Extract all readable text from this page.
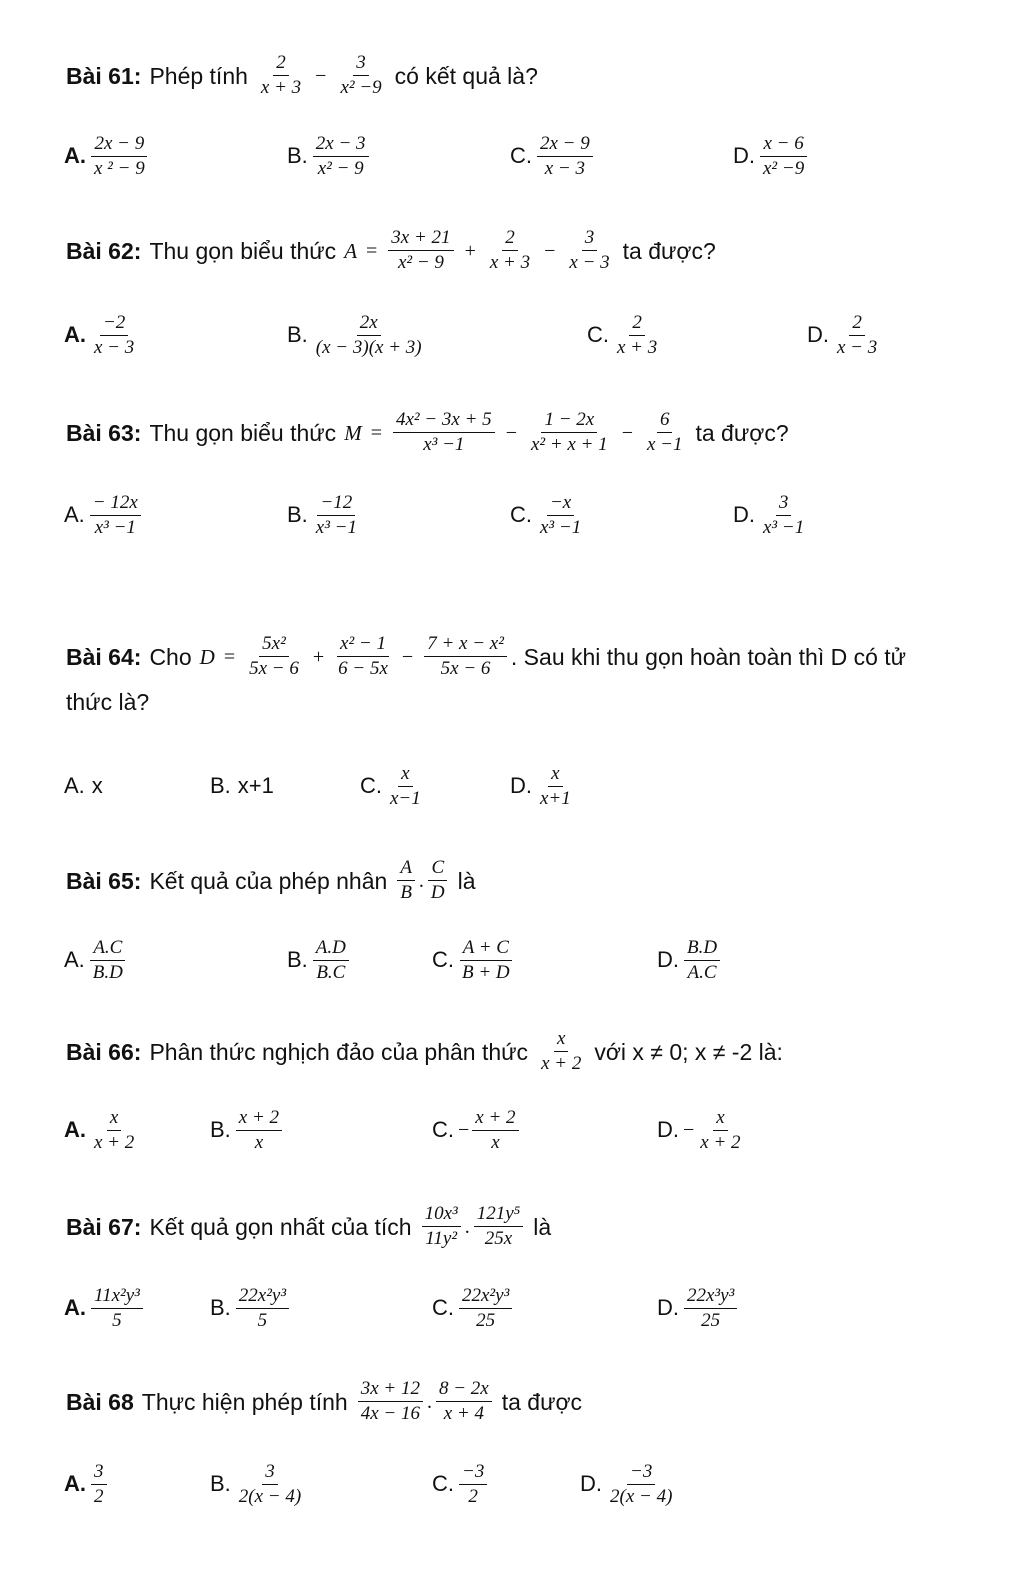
Bài 61: Phép tính $\frac{2}{x + 3} - \frac{3}{\text{x² −9}}$ có kết quả là?
A. $\frac{2x - 9}{\text{x ² − 9}}$	B. $\frac{2x - 3}{\text{x² − 9}}$	C. $\frac{2x - 9}{x - 3}$	D. $\frac{x - 6}{\text{x² −9}}$
Bài 62: Thu gọn biểu thức $A = \frac{3x + 21}{\text{x² − 9}} + \frac{2}{x + 3} - \frac{3}{x - 3}$ ta được?
A. $\frac{-2}{x - 3}$	B. $\frac{2x}{(x - 3)(x + 3)}$	C. $\frac{2}{x + 3}$	D. $\frac{2}{x - 3}$
Bài 63: Thu gọn biểu thức $M = \frac{\text{4x² − 3x + 5}}{\text{x³ −1}} - \frac{1 - 2x}{\text{x² + x + 1}} - \frac{6}{x -1}$ ta được?
A. $\frac{- 12x}{\text{x³ −1}}$	B. $\frac{-12}{\text{x³ −1}}$	C. $\frac{-x}{\text{x³ −1}}$	D. $\frac{3}{\text{x³ −1}}$
Bài 64: Cho $D = \frac{\text{5x²}}{5x - 6} + \frac{\text{x² − 1}}{6 - 5x} - \frac{\text{7 + x − x²}}{5x - 6}$ . Sau khi thu gọn hoàn toàn thì D có tử
thức là?
A. x	B. x+1	C. $\frac{x}{x-1}$	D. $\frac{x}{x+1}$
Bài 65: Kết quả của phép nhân $\frac{A}{B}$ . $\frac{C}{D}$ là
A. $\frac{A.C}{B.D}$	B. $\frac{A.D}{B.C}$	C. $\frac{A + C}{B + D}$	D. $\frac{B.D}{A.C}$
Bài 66: Phân thức nghịch đảo của phân thức $\frac{x}{x + 2}$ với x ≠ 0; x ≠ -2 là:
A. $\frac{x}{x + 2}$	B. $\frac{x + 2}{x}$	C. − $\frac{x + 2}{x}$	D. − $\frac{x}{x + 2}$
Bài 67: Kết quả gọn nhất của tích $\frac{\text{10x³}}{\text{11y²}}$ . $\frac{\text{121y⁵}}{25x}$ là
A. $\frac{\text{11x²y³}}{5}$	B. $\frac{\text{22x²y³}}{5}$	C. $\frac{\text{22x²y³}}{25}$	D. $\frac{\text{22x³y³}}{25}$
Bài 68 Thực hiện phép tính $\frac{3x + 12}{4x - 16}$ . $\frac{8 - 2x}{x + 4}$ ta được
A. $\frac{3}{2}$	B. $\frac{3}{2(x - 4)}$	C. $\frac{-3}{2}$	D. $\frac{-3}{2(x - 4)}$
